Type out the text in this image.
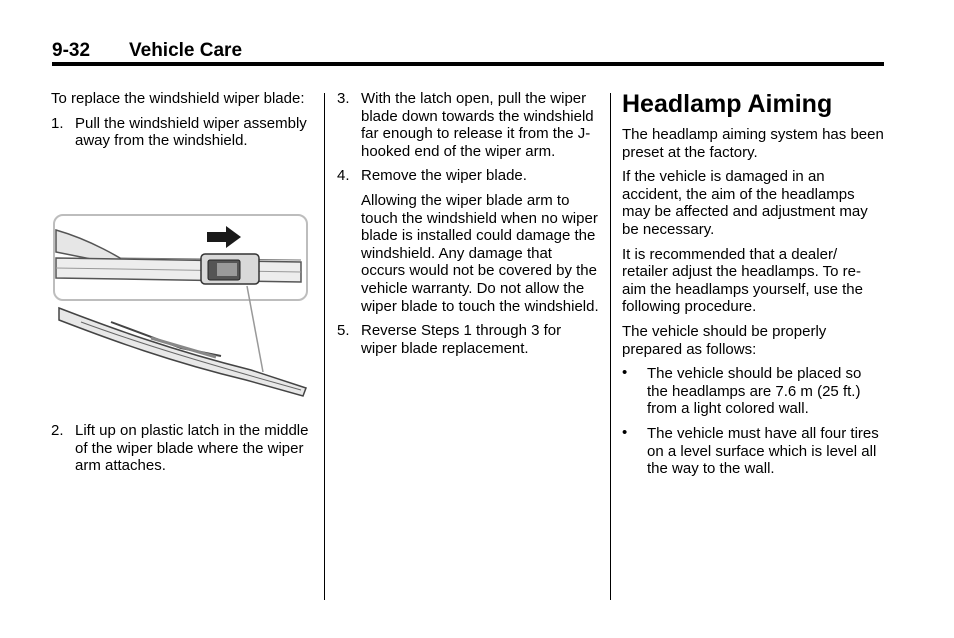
9-32 Vehicle Care

To replace the windshield wiper blade:

1. Pull the windshield wiper assembly away from the windshield.
2. Lift up on plastic latch in the middle of the wiper blade where the wiper arm attaches.
3. With the latch open, pull the wiper blade down towards the windshield far enough to release it from the J-hooked end of the wiper arm.
4. Remove the wiper blade.

Allowing the wiper blade arm to touch the windshield when no wiper blade is installed could damage the windshield. Any damage that occurs would not be covered by the vehicle warranty. Do not allow the wiper blade to touch the windshield.

5. Reverse Steps 1 through 3 for wiper blade replacement.
Headlamp Aiming

The headlamp aiming system has been preset at the factory.

If the vehicle is damaged in an accident, the aim of the headlamps may be affected and adjustment may be necessary.

It is recommended that a dealer/ retailer adjust the headlamps. To re-aim the headlamps yourself, use the following procedure.

The vehicle should be properly prepared as follows:

• The vehicle should be placed so the headlamps are 7.6 m (25 ft.) from a light colored wall.
• The vehicle must have all four tires on a level surface which is level all the way to the wall.
